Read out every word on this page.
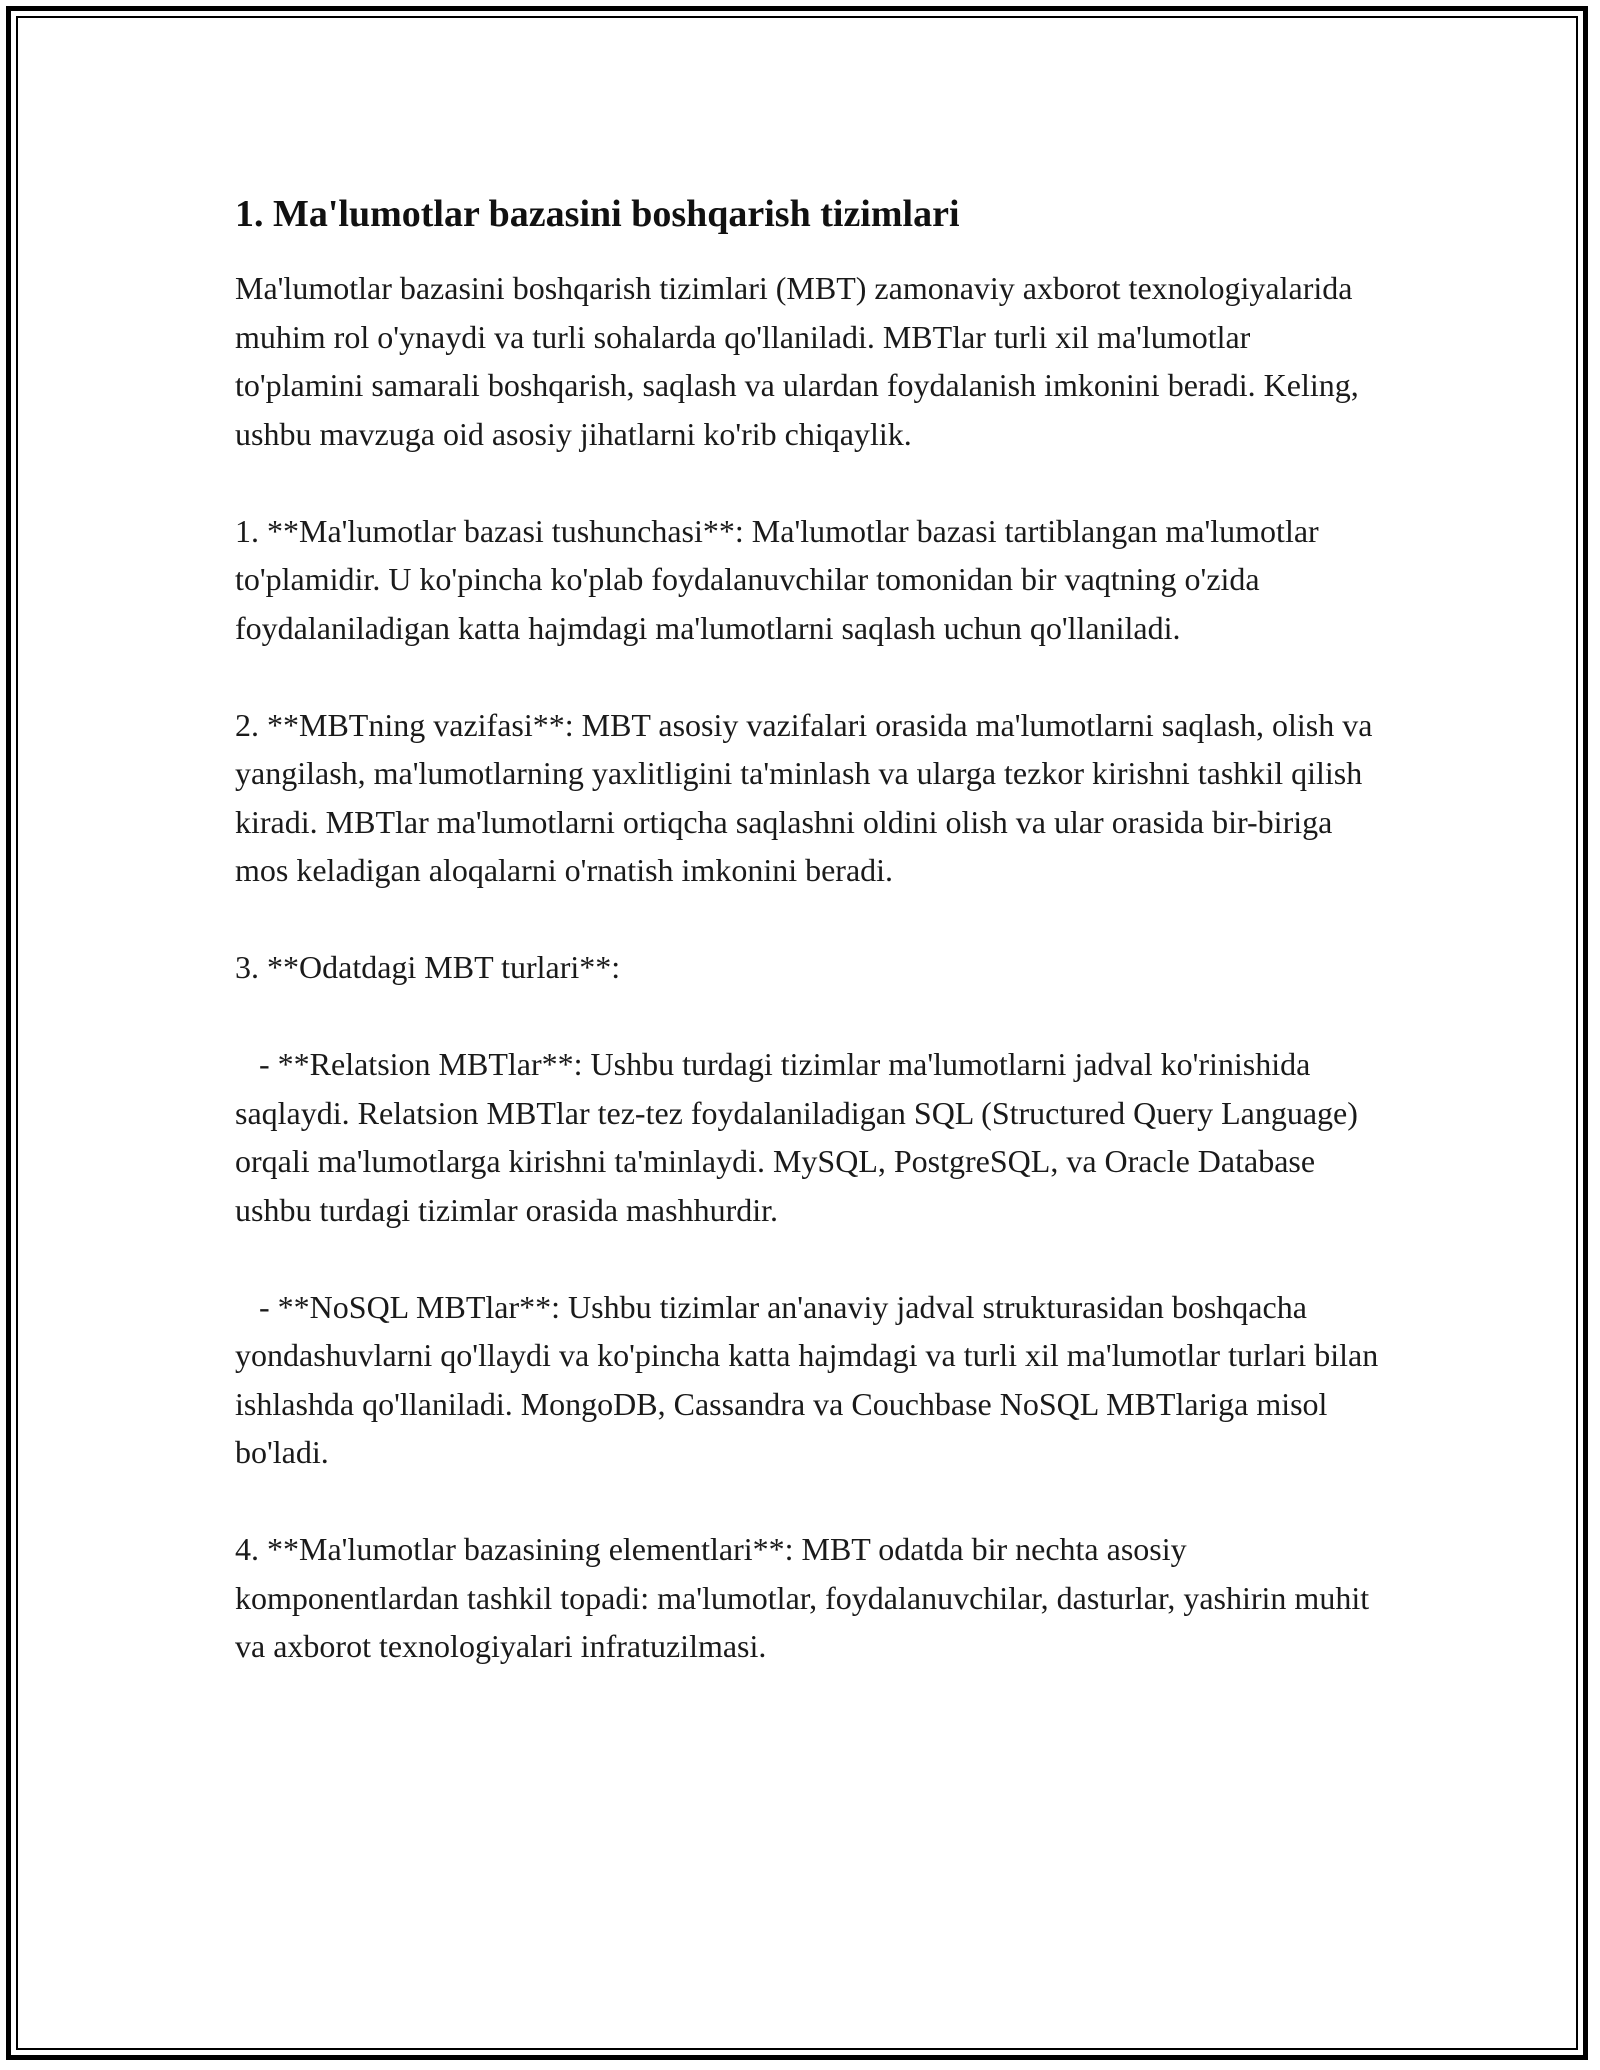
1. Ma'lumotlar bazasini boshqarish tizimlari

Ma'lumotlar bazasini boshqarish tizimlari (MBT) zamonaviy axborot texnologiyalarida muhim rol o'ynaydi va turli sohalarda qo'llaniladi. MBTlar turli xil ma'lumotlar to'plamini samarali boshqarish, saqlash va ulardan foydalanish imkonini beradi. Keling, ushbu mavzuga oid asosiy jihatlarni ko'rib chiqaylik.

1. **Ma'lumotlar bazasi tushunchasi**: Ma'lumotlar bazasi tartiblangan ma'lumotlar to'plamidir. U ko'pincha ko'plab foydalanuvchilar tomonidan bir vaqtning o'zida foydalaniladigan katta hajmdagi ma'lumotlarni saqlash uchun qo'llaniladi.

2. **MBTning vazifasi**: MBT asosiy vazifalari orasida ma'lumotlarni saqlash, olish va yangilash, ma'lumotlarning yaxlitligini ta'minlash va ularga tezkor kirishni tashkil qilish kiradi. MBTlar ma'lumotlarni ortiqcha saqlashni oldini olish va ular orasida bir-biriga mos keladigan aloqalarni o'rnatish imkonini beradi.

3. **Odatdagi MBT turlari**:

- **Relatsion MBTlar**: Ushbu turdagi tizimlar ma'lumotlarni jadval ko'rinishida saqlaydi. Relatsion MBTlar tez-tez foydalaniladigan SQL (Structured Query Language) orqali ma'lumotlarga kirishni ta'minlaydi. MySQL, PostgreSQL, va Oracle Database ushbu turdagi tizimlar orasida mashhurdir.

- **NoSQL MBTlar**: Ushbu tizimlar an'anaviy jadval strukturasidan boshqacha yondashuvlarni qo'llaydi va ko'pincha katta hajmdagi va turli xil ma'lumotlar turlari bilan ishlashda qo'llaniladi. MongoDB, Cassandra va Couchbase NoSQL MBTlariga misol bo'ladi.

4. **Ma'lumotlar bazasining elementlari**: MBT odatda bir nechta asosiy komponentlardan tashkil topadi: ma'lumotlar, foydalanuvchilar, dasturlar, yashirin muhit va axborot texnologiyalari infratuzilmasi.
